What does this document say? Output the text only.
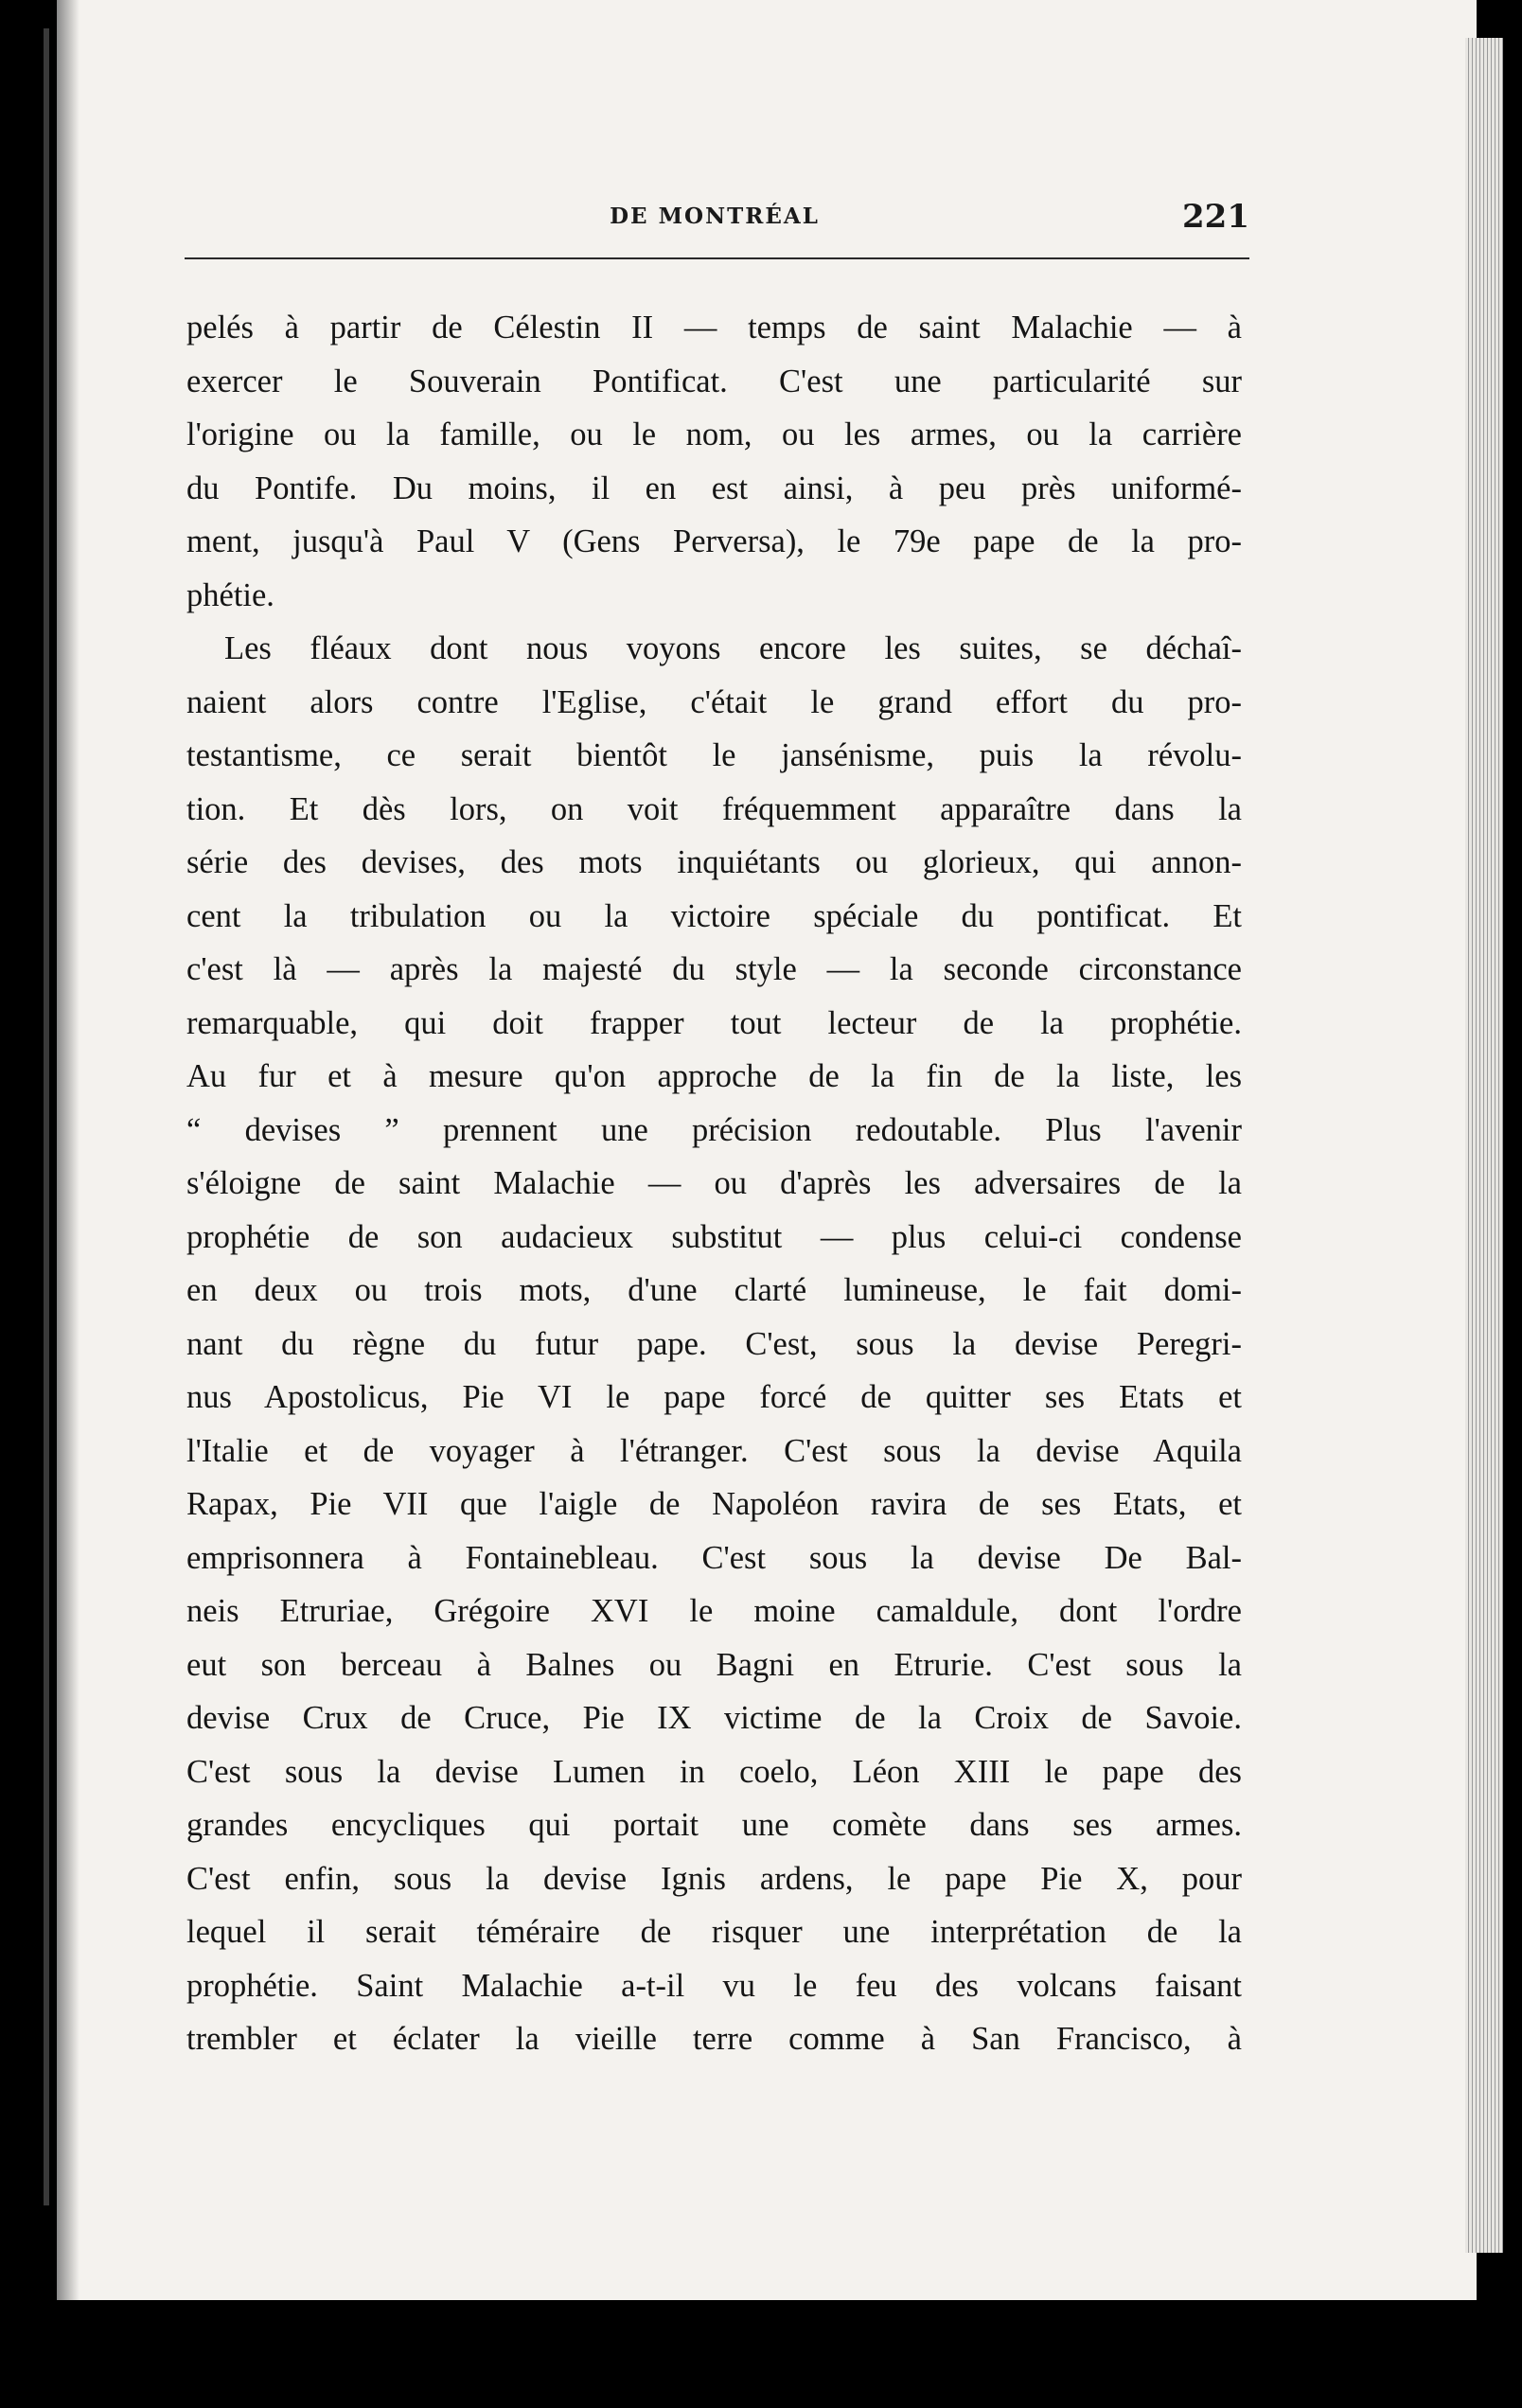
DE MONTRÉAL	221
pelés à partir de Célestin II — temps de saint Malachie — à
exercer le Souverain Pontificat. C'est une particularité sur
l'origine ou la famille, ou le nom, ou les armes, ou la carrière
du Pontife. Du moins, il en est ainsi, à peu près uniformé-
ment, jusqu'à Paul V (Gens Perversa), le 79e pape de la pro-
phétie.
Les fléaux dont nous voyons encore les suites, se déchaî-
naient alors contre l'Eglise, c'était le grand effort du pro-
testantisme, ce serait bientôt le jansénisme, puis la révolu-
tion. Et dès lors, on voit fréquemment apparaître dans la
série des devises, des mots inquiétants ou glorieux, qui annon-
cent la tribulation ou la victoire spéciale du pontificat. Et
c'est là — après la majesté du style — la seconde circonstance
remarquable, qui doit frapper tout lecteur de la prophétie.
Au fur et à mesure qu'on approche de la fin de la liste, les
“ devises ” prennent une précision redoutable. Plus l'avenir
s'éloigne de saint Malachie — ou d'après les adversaires de la
prophétie de son audacieux substitut — plus celui-ci condense
en deux ou trois mots, d'une clarté lumineuse, le fait domi-
nant du règne du futur pape. C'est, sous la devise Peregri-
nus Apostolicus, Pie VI le pape forcé de quitter ses Etats et
l'Italie et de voyager à l'étranger. C'est sous la devise Aquila
Rapax, Pie VII que l'aigle de Napoléon ravira de ses Etats, et
emprisonnera à Fontainebleau. C'est sous la devise De Bal-
neis Etruriae, Grégoire XVI le moine camaldule, dont l'ordre
eut son berceau à Balnes ou Bagni en Etrurie. C'est sous la
devise Crux de Cruce, Pie IX victime de la Croix de Savoie.
C'est sous la devise Lumen in coelo, Léon XIII le pape des
grandes encycliques qui portait une comète dans ses armes.
C'est enfin, sous la devise Ignis ardens, le pape Pie X, pour
lequel il serait téméraire de risquer une interprétation de la
prophétie. Saint Malachie a-t-il vu le feu des volcans faisant
trembler et éclater la vieille terre comme à San Francisco, à
